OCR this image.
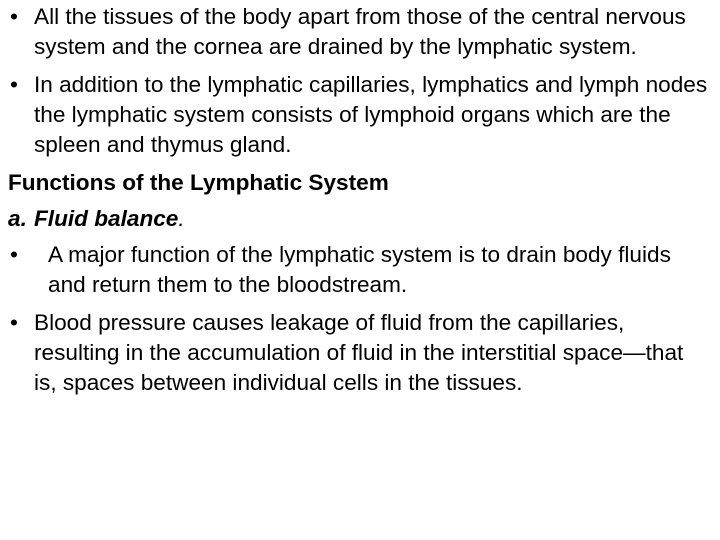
• All the tissues of the body apart from those of the central nervous system and the cornea are drained by the lymphatic system.
• In addition to the lymphatic capillaries, lymphatics and lymph nodes the lymphatic system consists of lymphoid organs which are the spleen and thymus gland.
Functions of the Lymphatic System
a. Fluid balance.
•	A major function of the lymphatic system is to drain body fluids and return them to the bloodstream.
• Blood pressure causes leakage of fluid from the capillaries, resulting in the accumulation of fluid in the interstitial space—that is, spaces between individual cells in the tissues.
